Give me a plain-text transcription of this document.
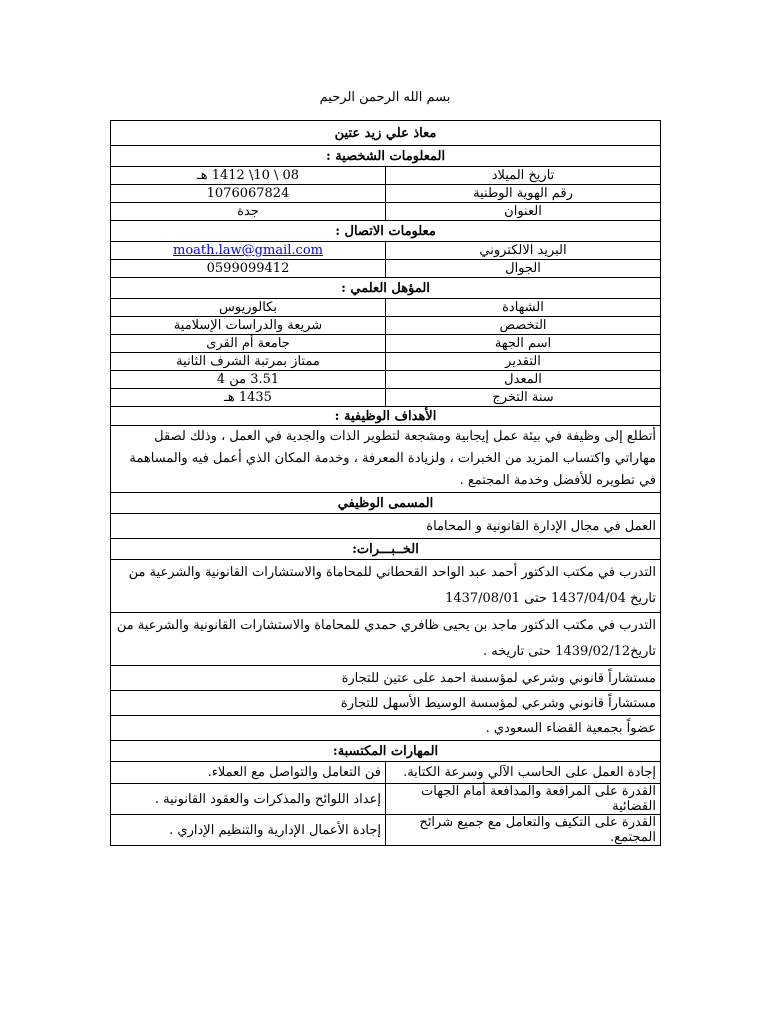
بسم الله الرحمن الرحيم
معاذ علي زيد عتين	
المعلومات الشخصية :	
تاريخ الميلاد	08 \ 10\ 1412 هـ
رقم الهوية الوطنية	1076067824
العنوان	جدة
معلومات الاتصال :	
البريد الالكتروني	moath.law@gmail.com
الجوال	0599099412
المؤهل العلمي :	
الشهادة	بكالوريوس
التخصص	شريعة والدراسات الإسلامية
اسم الجهة	جامعة أم القرى
التقدير	ممتاز بمرتبة الشرف الثانية
المعدل	3.51 من 4
سنة التخرج	1435 هـ
الأهداف الوظيفية :	
أتطلع إلى وظيفة في بيئة عمل إيجابية ومشجعة لتطوير الذات والجدية في العمل ، وذلك لصقل مهاراتي واكتساب المزيد من الخبرات ، ولزيادة المعرفة ، وخدمة المكان الذي أعمل فيه والمساهمة في تطويره للأفضل وخدمة المجتمع .	
المسمى الوظيفي	
العمل في مجال الإدارة القانونية و المحاماة	
الخــبـــرات:	
التدرب في مكتب الدكتور أحمد عبد الواحد القحطاني للمحاماة والاستشارات القانونية والشرعية من تاريخ 1437/04/04 حتى 1437/08/01	
التدرب في مكتب الدكتور ماجد بن يحيى ظافري حمدي للمحاماة والاستشارات القانونية والشرعية من تاريخ1439/02/12 حتى تاريخه .	
مستشاراً قانوني وشرعي لمؤسسة احمد على عتين للتجارة	
مستشاراً قانوني وشرعي لمؤسسة الوسيط الأسهل للتجارة	
عضواً بجمعية القضاء السعودي .	
المهارات المكتسبة:	
إجادة العمل على الحاسب الآلي وسرعة الكتابة.	فن التعامل والتواصل مع العملاء.
القدرة على المرافعة والمدافعة أمام الجهات القضائية	إعداد اللوائح والمذكرات والعقود القانونية .
القدرة على التكيف والتعامل مع جميع شرائح المجتمع.	إجادة الأعمال الإدارية والتنظيم الإداري .
